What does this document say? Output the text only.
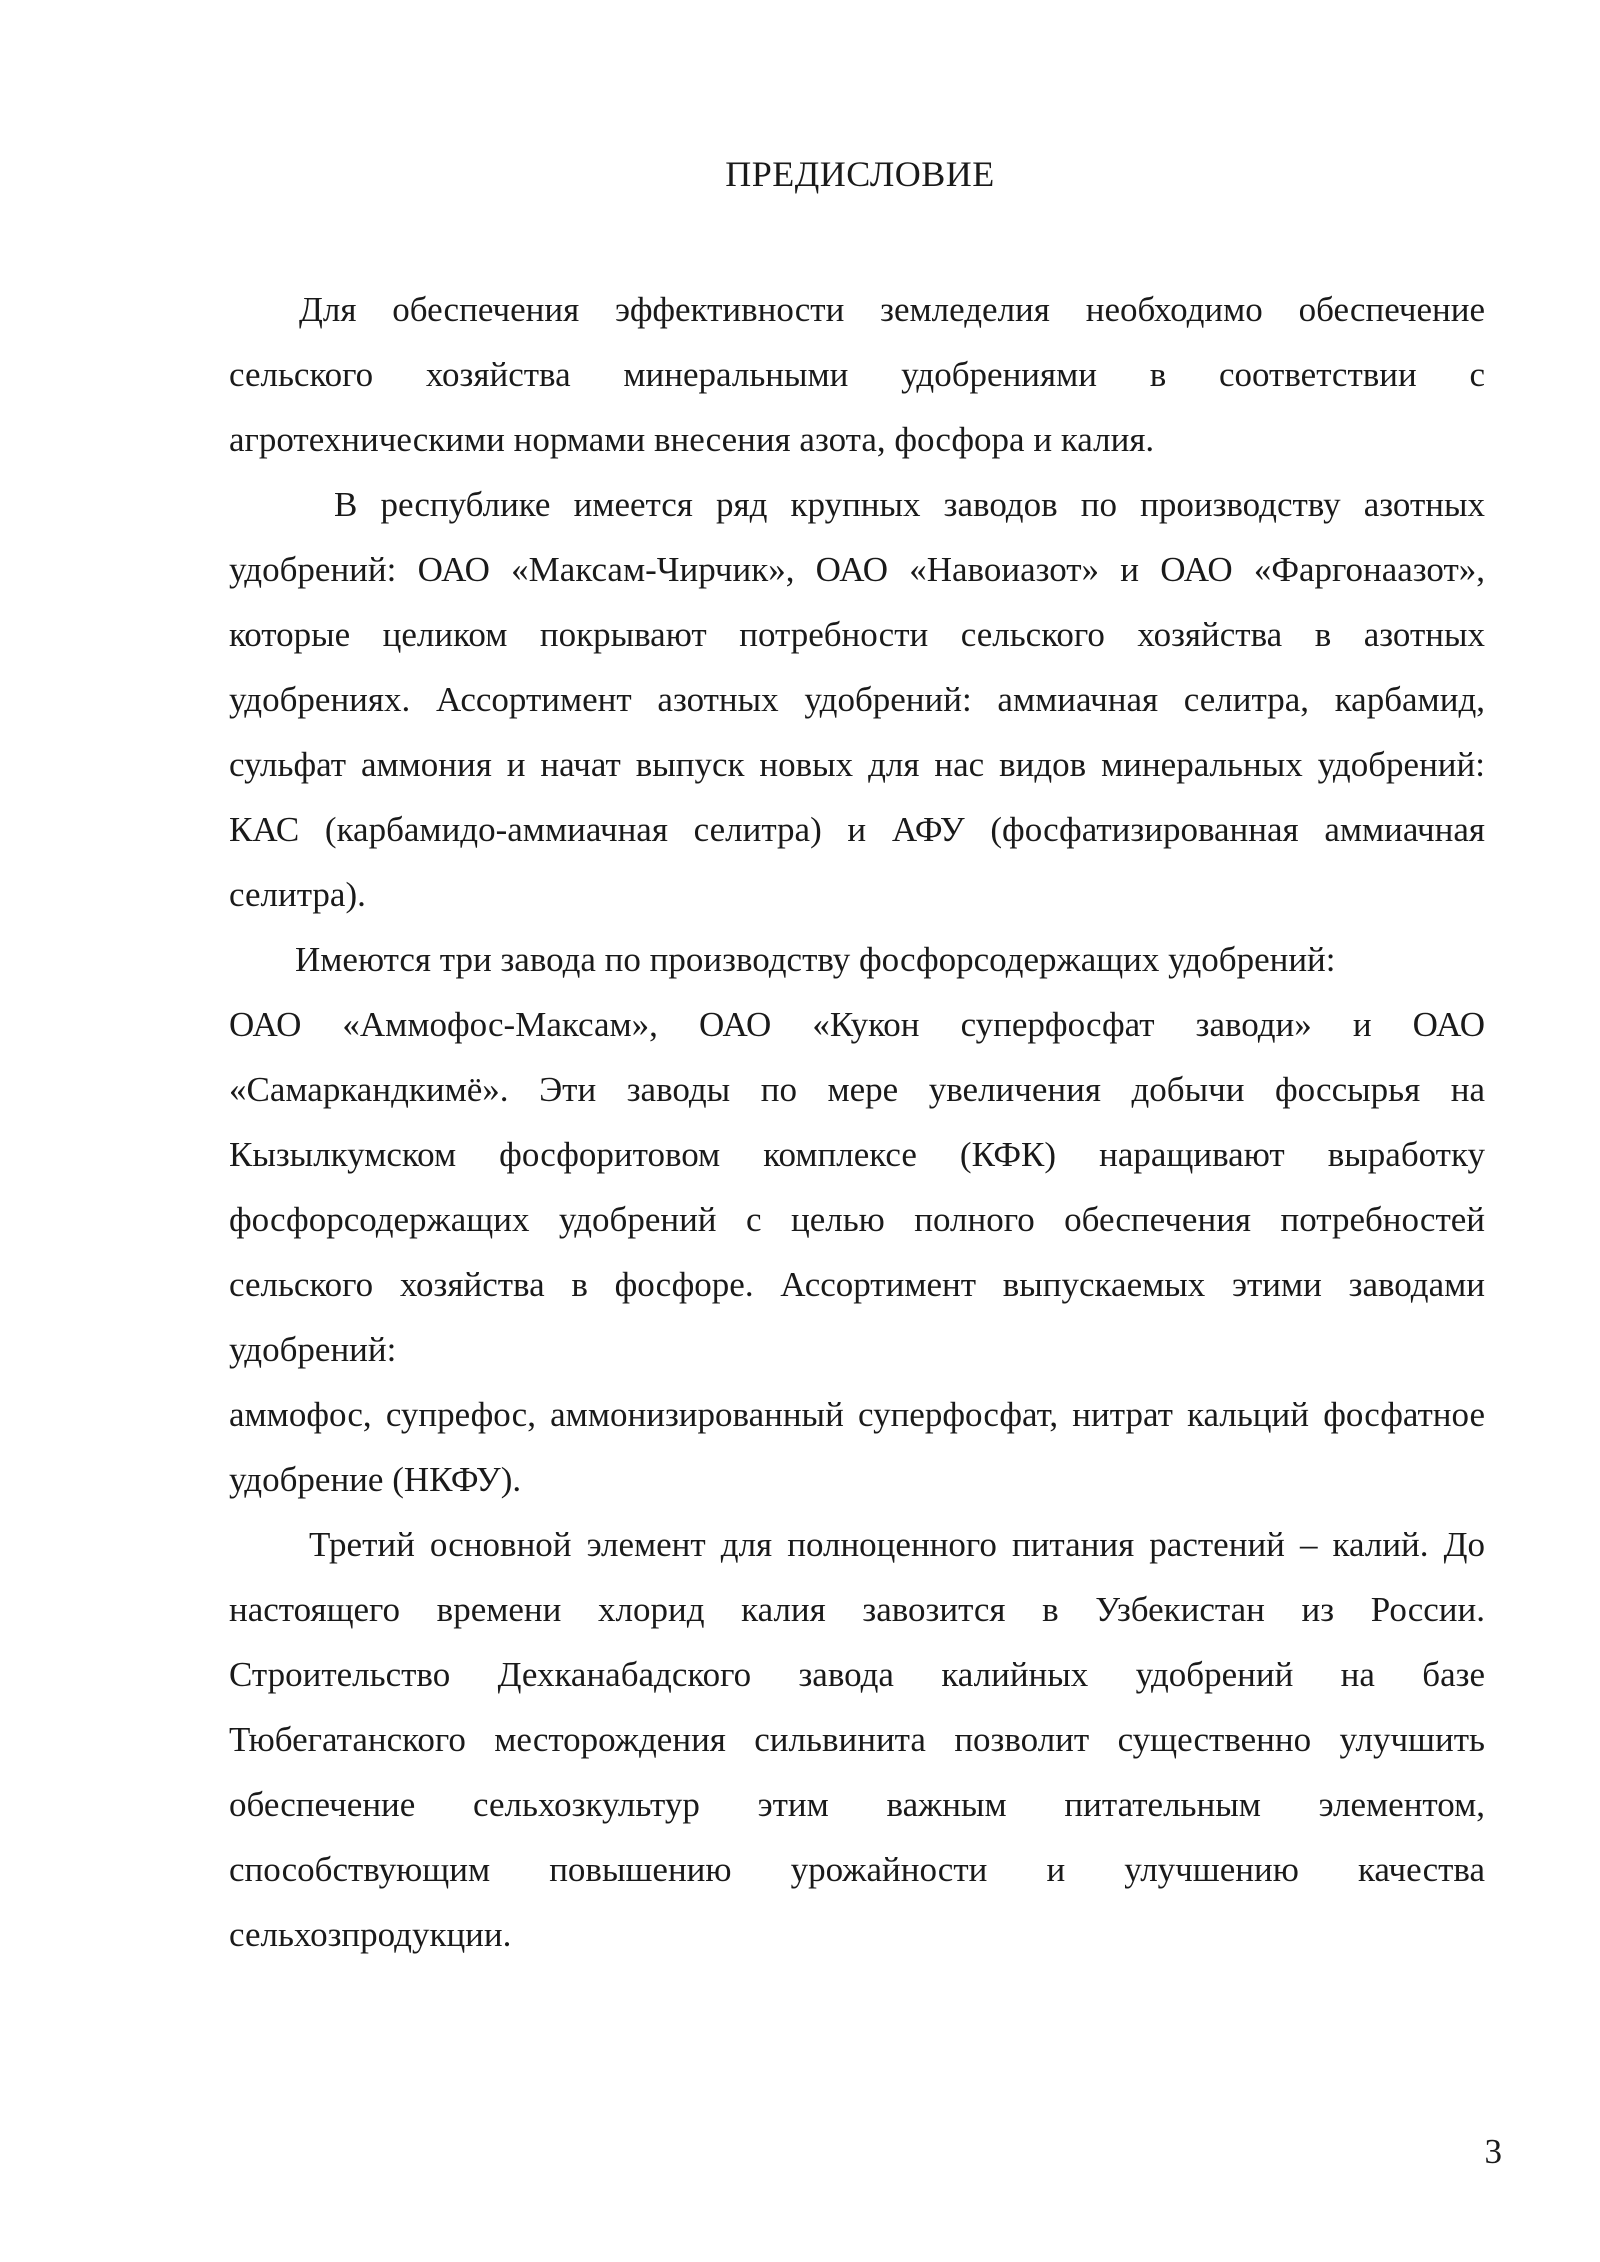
ПРЕДИСЛОВИЕ

Для обеспечения эффективности земледелия необходимо обеспечение сельского хозяйства минеральными удобрениями в соответствии с агротехническими нормами внесения азота, фосфора и калия.

В республике имеется ряд крупных заводов по производству азотных удобрений: ОАО «Максам-Чирчик», ОАО «Навоиазот» и ОАО «Фаргонаазот», которые целиком покрывают потребности сельского хозяйства в азотных удобрениях. Ассортимент азотных удобрений: аммиачная селитра, карбамид, сульфат аммония и начат выпуск новых для нас видов минеральных удобрений: КАС (карбамидо-аммиачная селитра) и АФУ (фосфатизированная аммиачная селитра).

Имеются три завода по производству фосфорсодержащих удобрений:

ОАО «Аммофос-Максам», ОАО «Кукон суперфосфат заводи» и ОАО «Самаркандкимё». Эти заводы по мере увеличения добычи фоссырья на Кызылкумском фосфоритовом комплексе (КФК) наращивают выработку фосфорсодержащих удобрений с целью полного обеспечения потребностей сельского хозяйства в фосфоре. Ассортимент выпускаемых этими заводами удобрений:

аммофос, супрефос, аммонизированный суперфосфат, нитрат кальций фосфатное удобрение (НКФУ).

Третий основной элемент для полноценного питания растений – калий. До настоящего времени хлорид калия завозится в Узбекистан из России. Строительство Дехканабадского завода калийных удобрений на базе Тюбегатанского месторождения сильвинита позволит существенно улучшить обеспечение сельхозкультур этим важным питательным элементом, способствующим повышению урожайности и улучшению качества сельхозпродукции.

3
